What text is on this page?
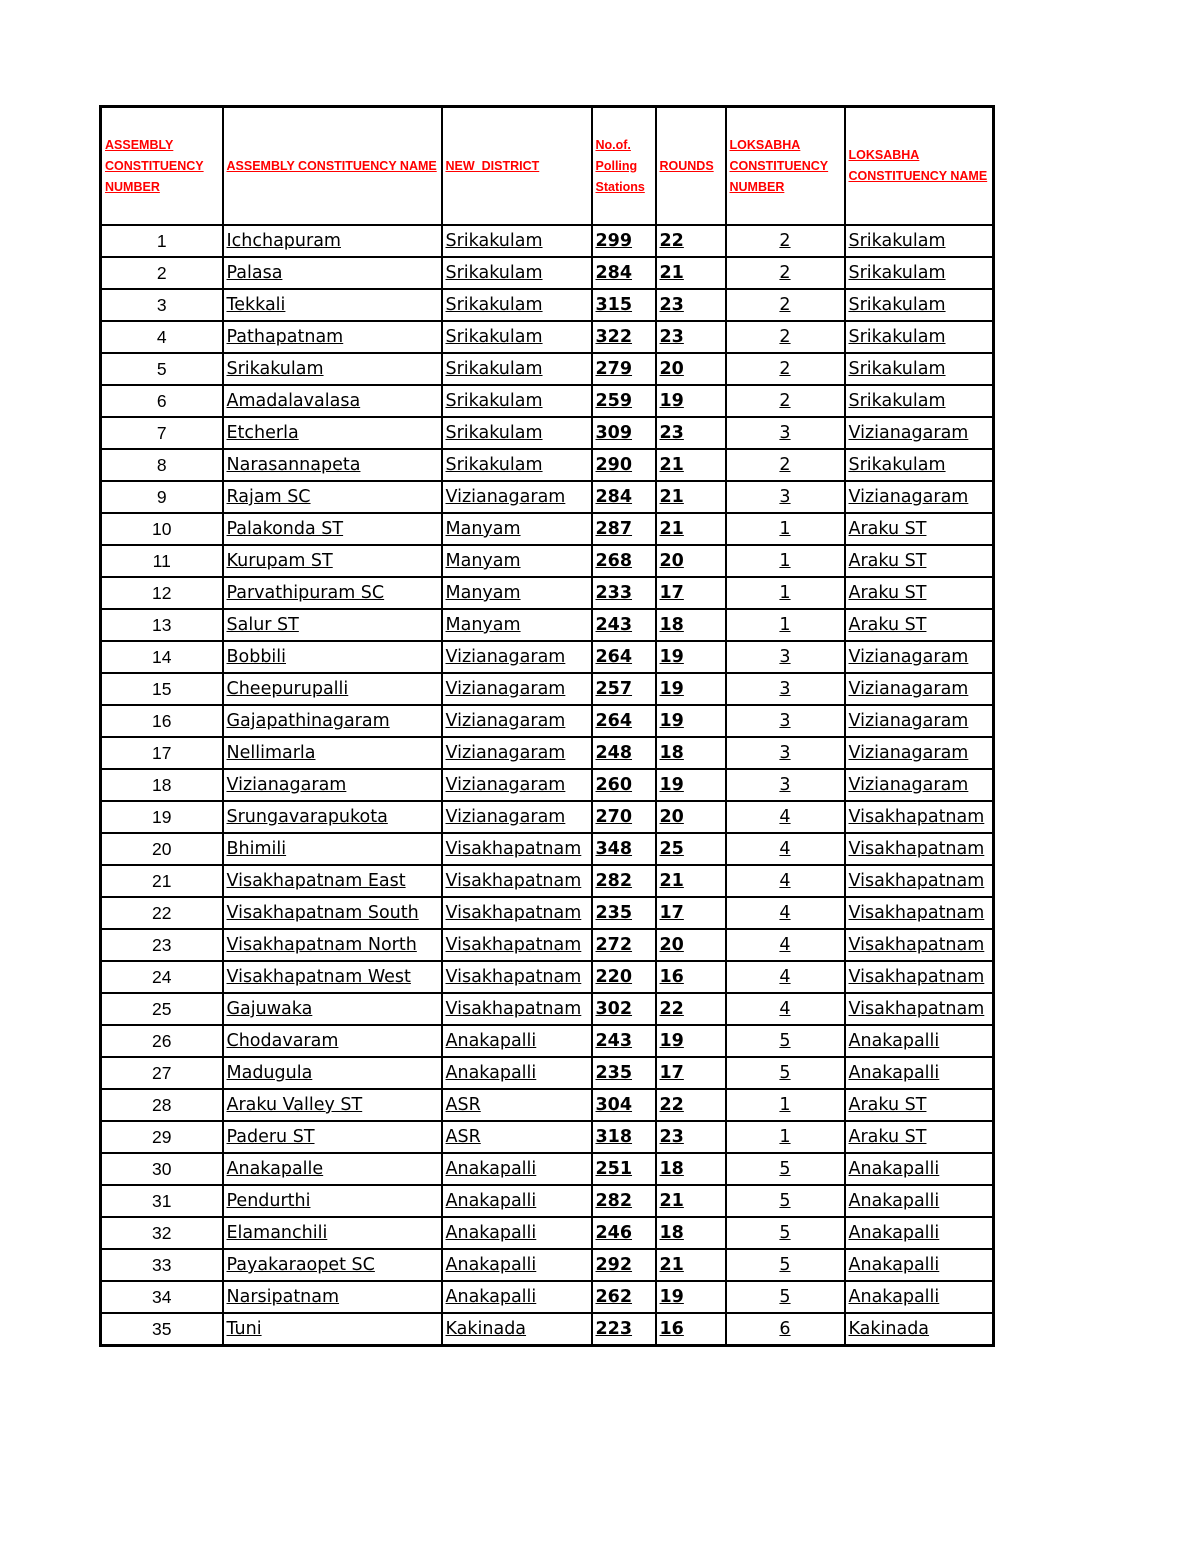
ASSEMBLY CONSTITUENCY NUMBER	ASSEMBLY CONSTITUENCY NAME	NEW  DISTRICT	No.of. Polling Stations	ROUNDS	LOKSABHA CONSTITUENCY NUMBER	LOKSABHA CONSTITUENCY NAME
1	Ichchapuram	Srikakulam	299	22	2	Srikakulam
2	Palasa	Srikakulam	284	21	2	Srikakulam
3	Tekkali	Srikakulam	315	23	2	Srikakulam
4	Pathapatnam	Srikakulam	322	23	2	Srikakulam
5	Srikakulam	Srikakulam	279	20	2	Srikakulam
6	Amadalavalasa	Srikakulam	259	19	2	Srikakulam
7	Etcherla	Srikakulam	309	23	3	Vizianagaram
8	Narasannapeta	Srikakulam	290	21	2	Srikakulam
9	Rajam SC	Vizianagaram	284	21	3	Vizianagaram
10	Palakonda ST	Manyam	287	21	1	Araku ST
11	Kurupam ST	Manyam	268	20	1	Araku ST
12	Parvathipuram SC	Manyam	233	17	1	Araku ST
13	Salur ST	Manyam	243	18	1	Araku ST
14	Bobbili	Vizianagaram	264	19	3	Vizianagaram
15	Cheepurupalli	Vizianagaram	257	19	3	Vizianagaram
16	Gajapathinagaram	Vizianagaram	264	19	3	Vizianagaram
17	Nellimarla	Vizianagaram	248	18	3	Vizianagaram
18	Vizianagaram	Vizianagaram	260	19	3	Vizianagaram
19	Srungavarapukota	Vizianagaram	270	20	4	Visakhapatnam
20	Bhimili	Visakhapatnam	348	25	4	Visakhapatnam
21	Visakhapatnam East	Visakhapatnam	282	21	4	Visakhapatnam
22	Visakhapatnam South	Visakhapatnam	235	17	4	Visakhapatnam
23	Visakhapatnam North	Visakhapatnam	272	20	4	Visakhapatnam
24	Visakhapatnam West	Visakhapatnam	220	16	4	Visakhapatnam
25	Gajuwaka	Visakhapatnam	302	22	4	Visakhapatnam
26	Chodavaram	Anakapalli	243	19	5	Anakapalli
27	Madugula	Anakapalli	235	17	5	Anakapalli
28	Araku Valley ST	ASR	304	22	1	Araku ST
29	Paderu ST	ASR	318	23	1	Araku ST
30	Anakapalle	Anakapalli	251	18	5	Anakapalli
31	Pendurthi	Anakapalli	282	21	5	Anakapalli
32	Elamanchili	Anakapalli	246	18	5	Anakapalli
33	Payakaraopet SC	Anakapalli	292	21	5	Anakapalli
34	Narsipatnam	Anakapalli	262	19	5	Anakapalli
35	Tuni	Kakinada	223	16	6	Kakinada
